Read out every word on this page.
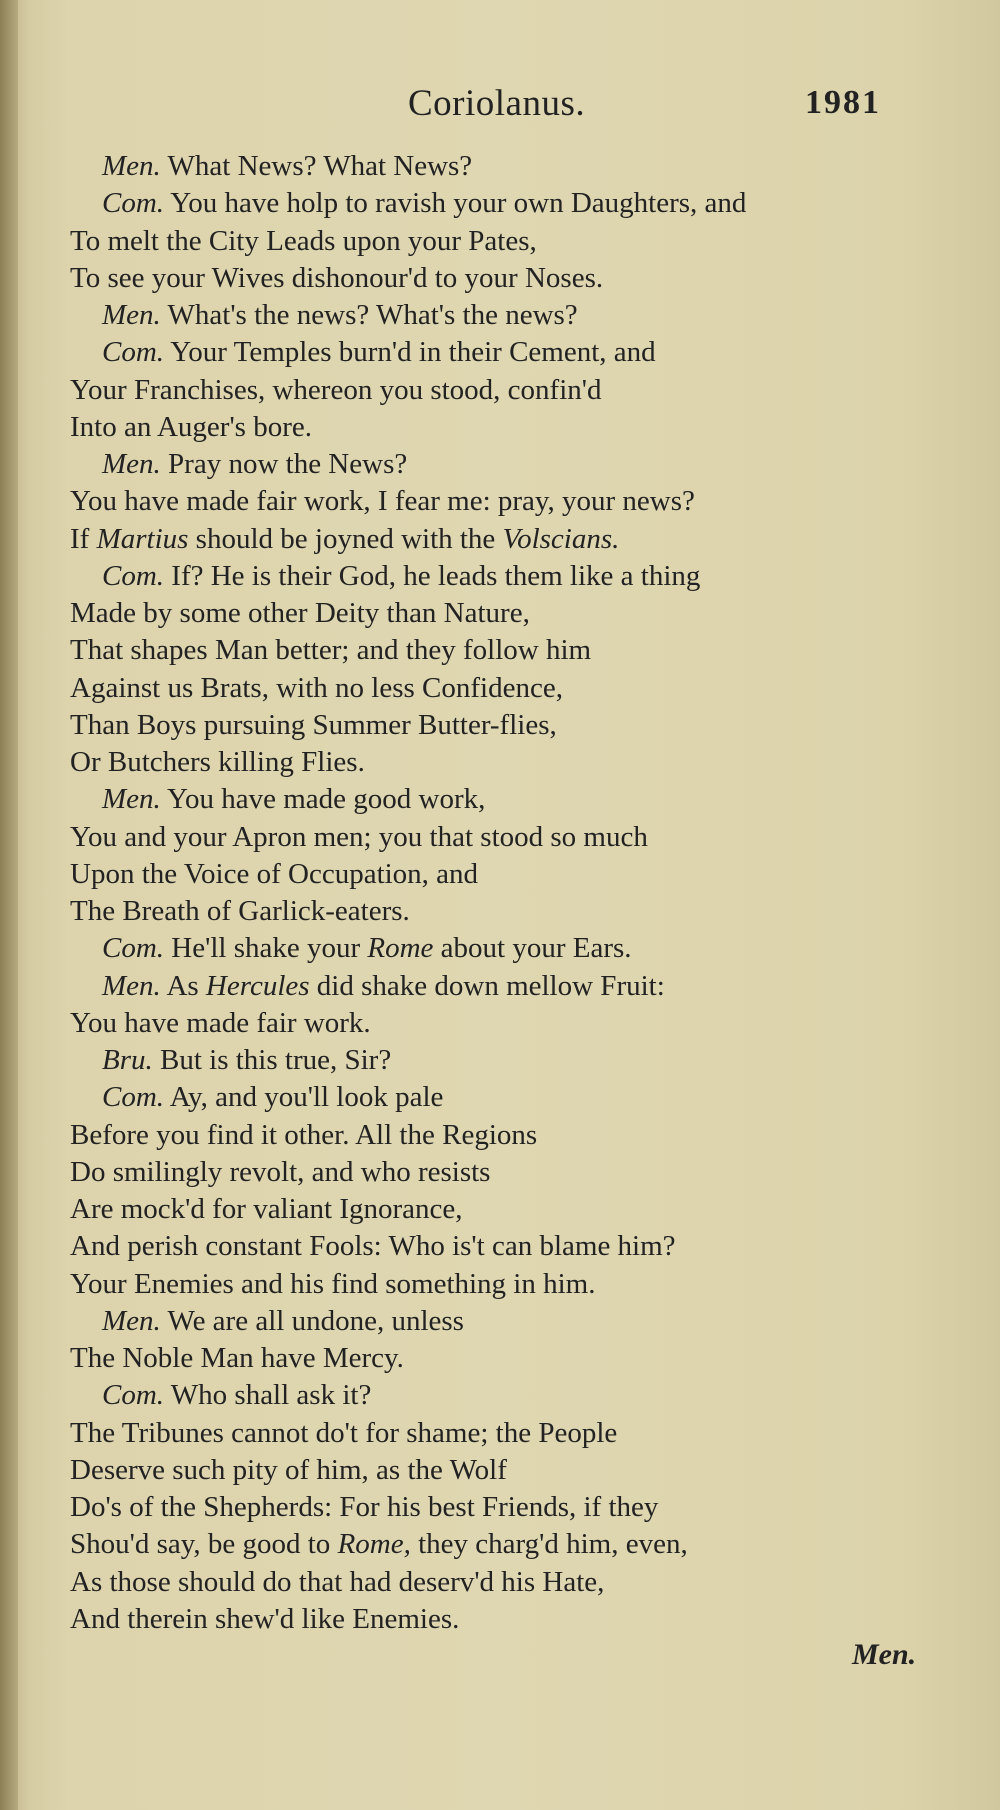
Coriolanus.	1981
Men. What News? What News?
Com. You have holp to ravish your own Daughters, and
To melt the City Leads upon your Pates,
To see your Wives dishonour'd to your Noses.
Men. What's the news? What's the news?
Com. Your Temples burn'd in their Cement, and
Your Franchises, whereon you stood, confin'd
Into an Auger's bore.
Men. Pray now the News?
You have made fair work, I fear me: pray, your news?
If Martius should be joyned with the Volscians.
Com. If? He is their God, he leads them like a thing
Made by some other Deity than Nature,
That shapes Man better; and they follow him
Against us Brats, with no less Confidence,
Than Boys pursuing Summer Butter-flies,
Or Butchers killing Flies.
Men. You have made good work,
You and your Apron men; you that stood so much
Upon the Voice of Occupation, and
The Breath of Garlick-eaters.
Com. He'll shake your Rome about your Ears.
Men. As Hercules did shake down mellow Fruit:
You have made fair work.
Bru. But is this true, Sir?
Com. Ay, and you'll look pale
Before you find it other. All the Regions
Do smilingly revolt, and who resists
Are mock'd for valiant Ignorance,
And perish constant Fools: Who is't can blame him?
Your Enemies and his find something in him.
Men. We are all undone, unless
The Noble Man have Mercy.
Com. Who shall ask it?
The Tribunes cannot do't for shame; the People
Deserve such pity of him, as the Wolf
Do's of the Shepherds: For his best Friends, if they
Shou'd say, be good to Rome, they charg'd him, even,
As those should do that had deserv'd his Hate,
And therein shew'd like Enemies.
Men.
